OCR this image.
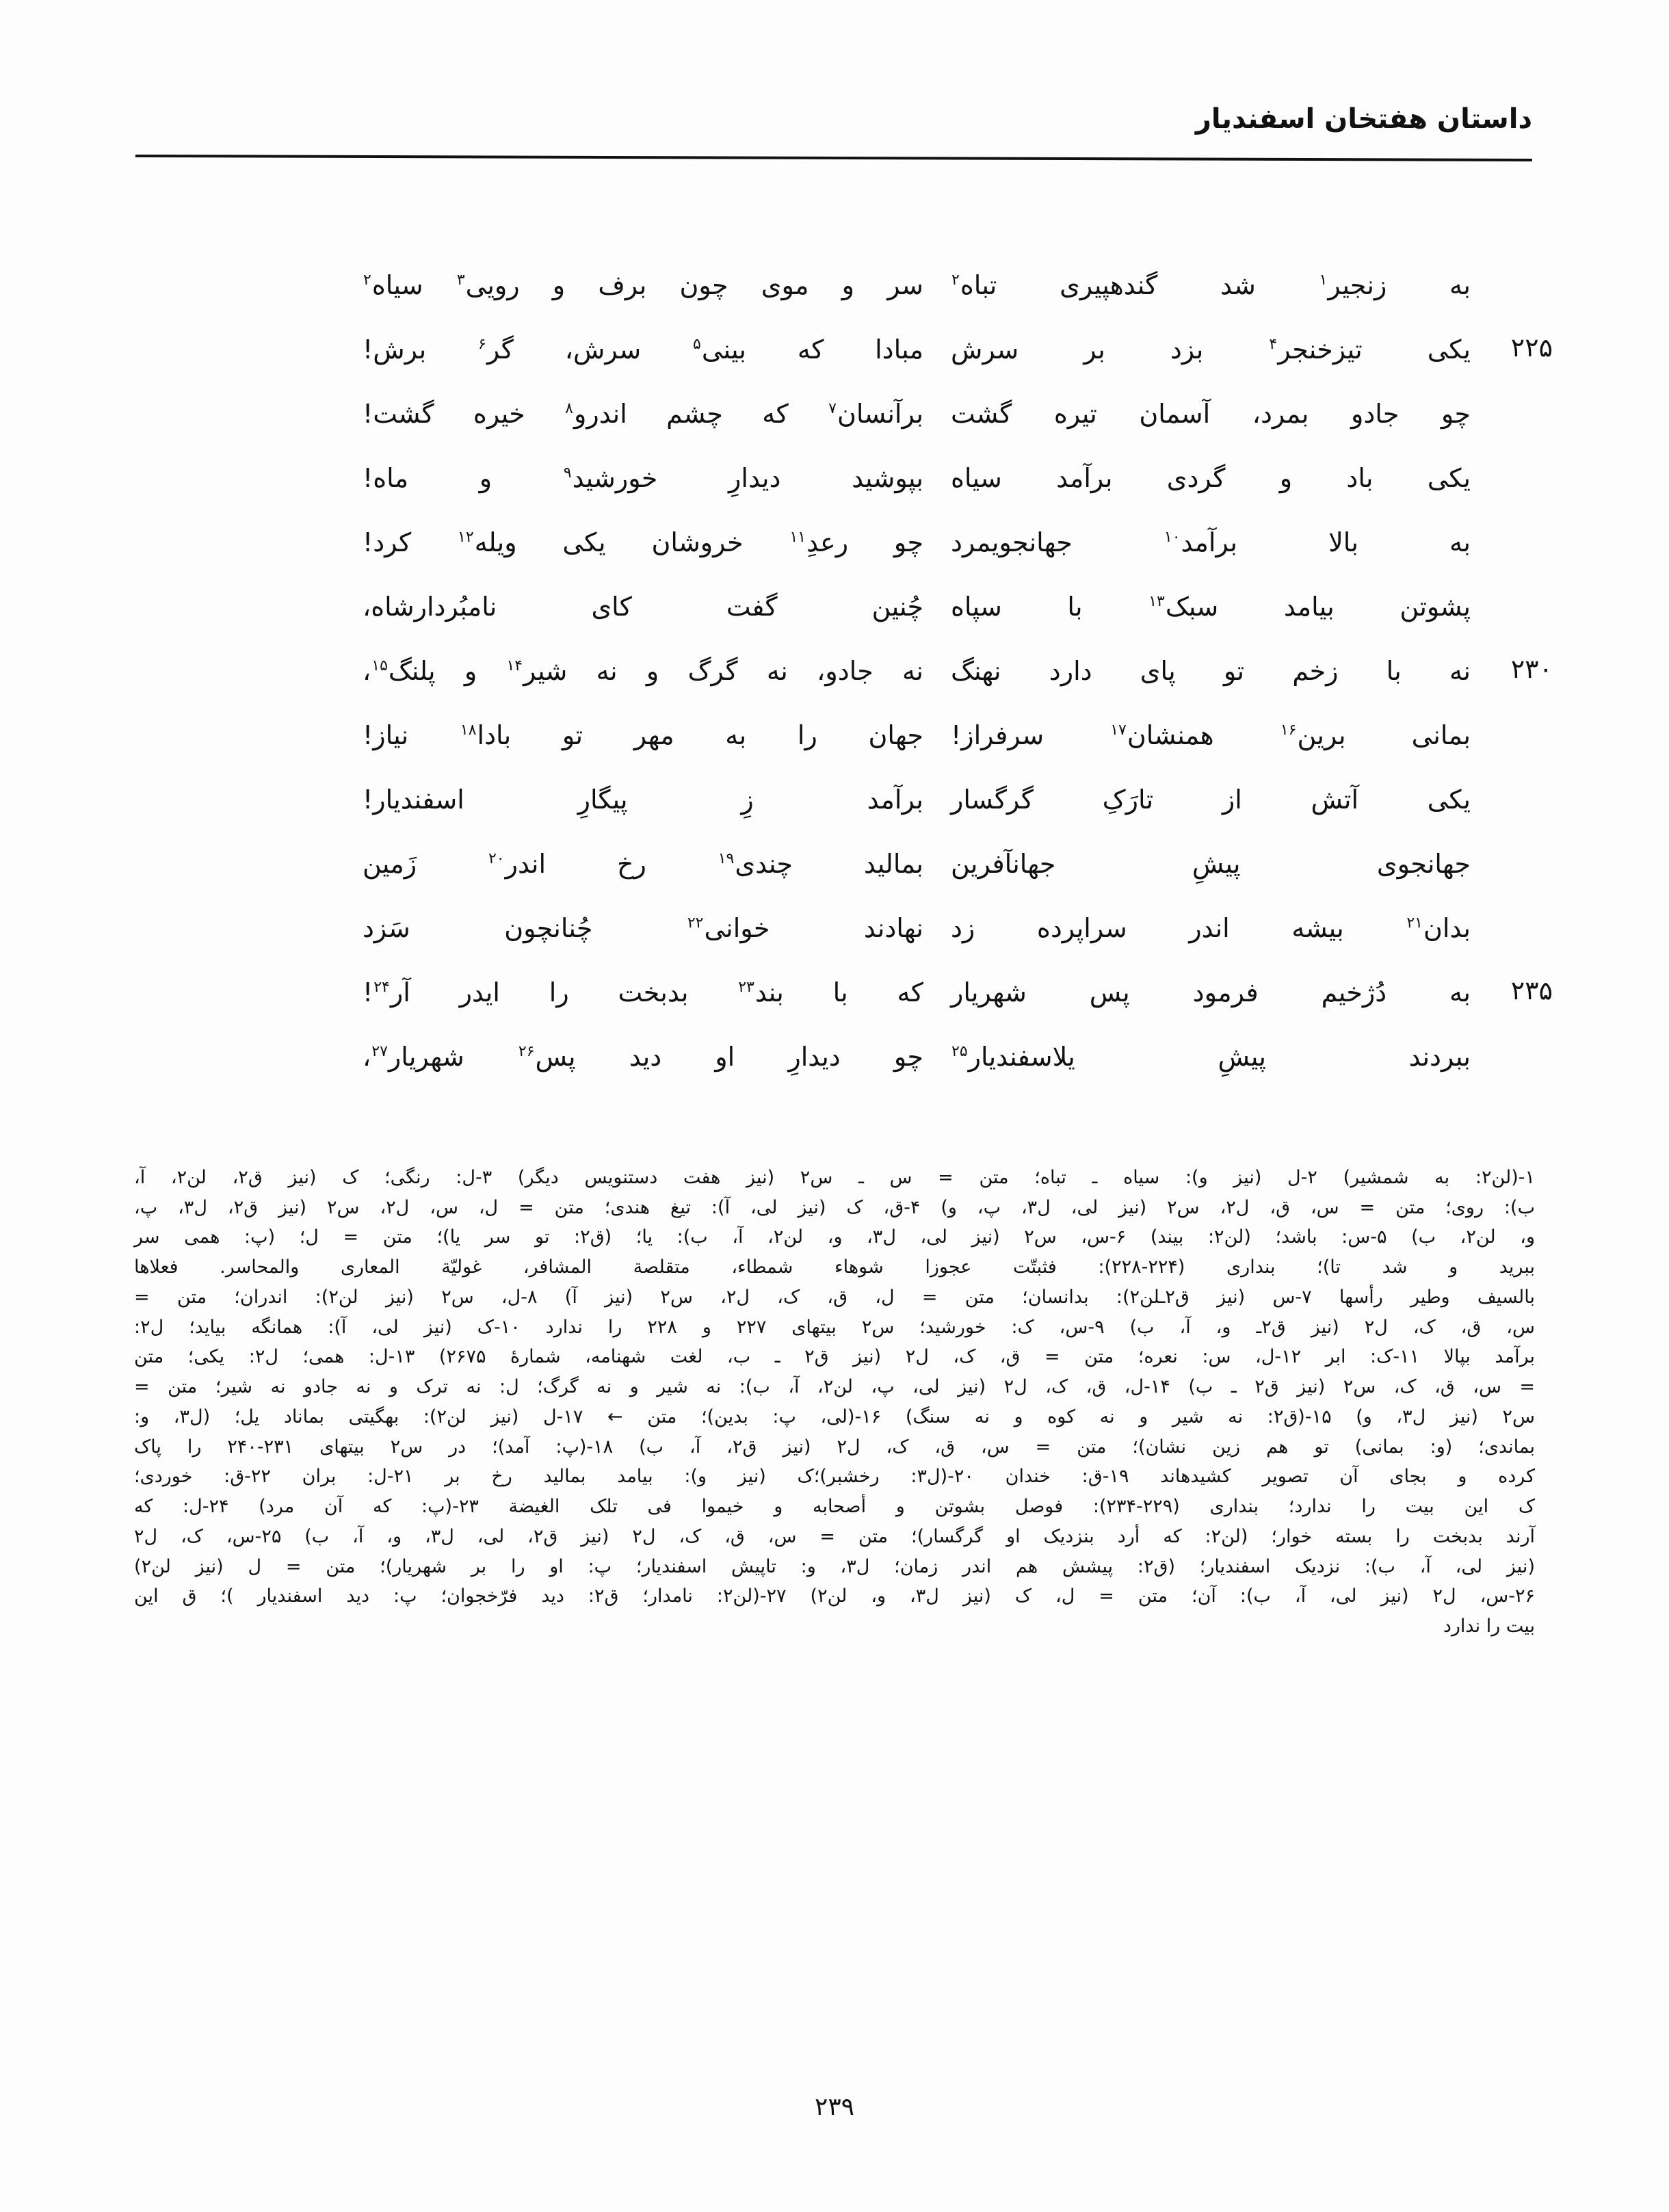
داستان هفتخان اسفندیار
به زنجیر$^۱$ شد گندهپیری تباه$^۲$
سر و موی چون برف و رویی$^۳$ سیاه$^۲$
۲۲۵
یکی تیزخنجر$^۴$ بزد بر سرش
مبادا که بینی$^۵$ سرش، گر$^۶$ برش!
چو جادو بمرد، آسمان تیره گشت
برآنسان$^۷$ که چشم اندرو$^۸$ خیره گشت!
یکی باد و گردی برآمد سیاه
بپوشید دیدارِ خورشید$^۹$ و ماه!
به بالا برآمد$^{۱۰}$ جهانجویمرد
چو رعدِ$^{۱۱}$ خروشان یکی ویله$^{۱۲}$ کرد!
پشوتن بیامد سبک$^{۱۳}$ با سپاه
چُنین گفت کای نامبُردارشاه،
۲۳۰
نه با زخم تو پای دارد نهنگ
نه جادو، نه گرگ و نه شیر$^{۱۴}$ و پلنگ$^{۱۵}$،
بمانی برین$^{۱۶}$ همنشان$^{۱۷}$ سرفراز!
جهان را به مهر تو بادا$^{۱۸}$ نیاز!
یکی آتش از تارَکِ گرگسار
برآمد زِ پیگارِ اسفندیار!
جهانجوی پیشِ جهانآفرین
بمالید چندی$^{۱۹}$ رخ اندر$^{۲۰}$ زَمین
بدان$^{۲۱}$ بیشه اندر سراپرده زد
نهادند خوانی$^{۲۲}$ چُنانچون سَزد
۲۳۵
به دُژخیم فرمود پس شهریار
که با بند$^{۲۳}$ بدبخت را ایدر آر$^{۲۴}$!
ببردند پیشِ یلاسفندیار$^{۲۵}$
چو دیدارِ او دید پس$^{۲۶}$ شهریار$^{۲۷}$،

۱-(لن۲: به شمشیر) ۲-ل (نیز و): سیاه ـ تباه؛ متن = س ـ س۲ (نیز هفت دستنویس دیگر) ۳-ل: رنگی؛ ک (نیز ق۲، لن۲، آ،

ب): روی؛ متن = س، ق، ل۲، س۲ (نیز لی، ل۳، پ، و) ۴-ق، ک (نیز لی، آ): تیغ هندی؛ متن = ل، س، ل۲، س۲ (نیز ق۲، ل۳، پ،

و، لن۲، ب) ۵-س: باشد؛ (لن۲: بیند) ۶-س، س۲ (نیز لی، ل۳، و، لن۲، آ، ب): یا؛ (ق۲: تو سر یا)؛ متن = ل؛ (پ: همی سر

ببرید و شد تا)؛ بنداری (۲۲۴-۲۲۸): فثبتّت عجوزا شوهاء شمطاء، متقلصة المشافر، غولیّة المعاری والمحاسر. فعلاها

بالسیف وطیر رأسها ۷-س (نیز ق۲ـلن۲): بدانسان؛ متن = ل، ق، ک، ل۲، س۲ (نیز آ) ۸-ل، س۲ (نیز لن۲): اندران؛ متن =

س، ق، ک، ل۲ (نیز ق۲ـ و، آ، ب) ۹-س، ک: خورشید؛ س۲ بیتهای ۲۲۷ و ۲۲۸ را ندارد ۱۰-ک (نیز لی، آ): همانگه بیاید؛ ل۲:

برآمد بپالا ۱۱-ک: ابر ۱۲-ل، س: نعره؛ متن = ق، ک، ل۲ (نیز ق۲ ـ ب، لغت شهنامه، شمارهٔ ۲۶۷۵) ۱۳-ل: همی؛ ل۲: یکی؛ متن

= س، ق، ک، س۲ (نیز ق۲ ـ ب) ۱۴-ل، ق، ک، ل۲ (نیز لی، پ، لن۲، آ، ب): نه شیر و نه گرگ؛ ل: نه ترک و نه جادو نه شیر؛ متن =

س۲ (نیز ل۳، و) ۱۵-(ق۲: نه شیر و نه کوه و نه سنگ) ۱۶-(لی، پ: بدین)؛ متن ← ۱۷-ل (نیز لن۲): بهگیتی بماناد یل؛ (ل۳، و:

بماندی؛ (و: بمانی) تو هم زین نشان)؛ متن = س، ق، ک، ل۲ (نیز ق۲، آ، ب) ۱۸-(پ: آمد)؛ در س۲ بیتهای ۲۳۱-۲۴۰ را پاک

کرده و بجای آن تصویر کشیدهاند ۱۹-ق: خندان ۲۰-(ل۳: رخشبر)؛ک (نیز و): بیامد بمالید رخ بر ۲۱-ل: بران ۲۲-ق: خوردی؛

ک این بیت را ندارد؛ بنداری (۲۲۹-۲۳۴): فوصل بشوتن و أصحابه و خیموا فی تلک الغیضة ۲۳-(پ: که آن مرد) ۲۴-ل: که

آرند بدبخت را بسته خوار؛ (لن۲: که أرد بنزدیک او گرگسار)؛ متن = س، ق، ک، ل۲ (نیز ق۲، لی، ل۳، و، آ، ب) ۲۵-س، ک، ل۲

(نیز لی، آ، ب): نزدیک اسفندیار؛ (ق۲: پیشش هم اندر زمان؛ ل۳، و: تاپیش اسفندیار؛ پ: او را بر شهریار)؛ متن = ل (نیز لن۲)

۲۶-س، ل۲ (نیز لی، آ، ب): آن؛ متن = ل، ک (نیز ل۳، و، لن۲) ۲۷-(لن۲: نامدار؛ ق۲: دید فرّخجوان؛ پ: دید اسفندیار )؛ ق این

بیت را ندارد

۲۳۹
